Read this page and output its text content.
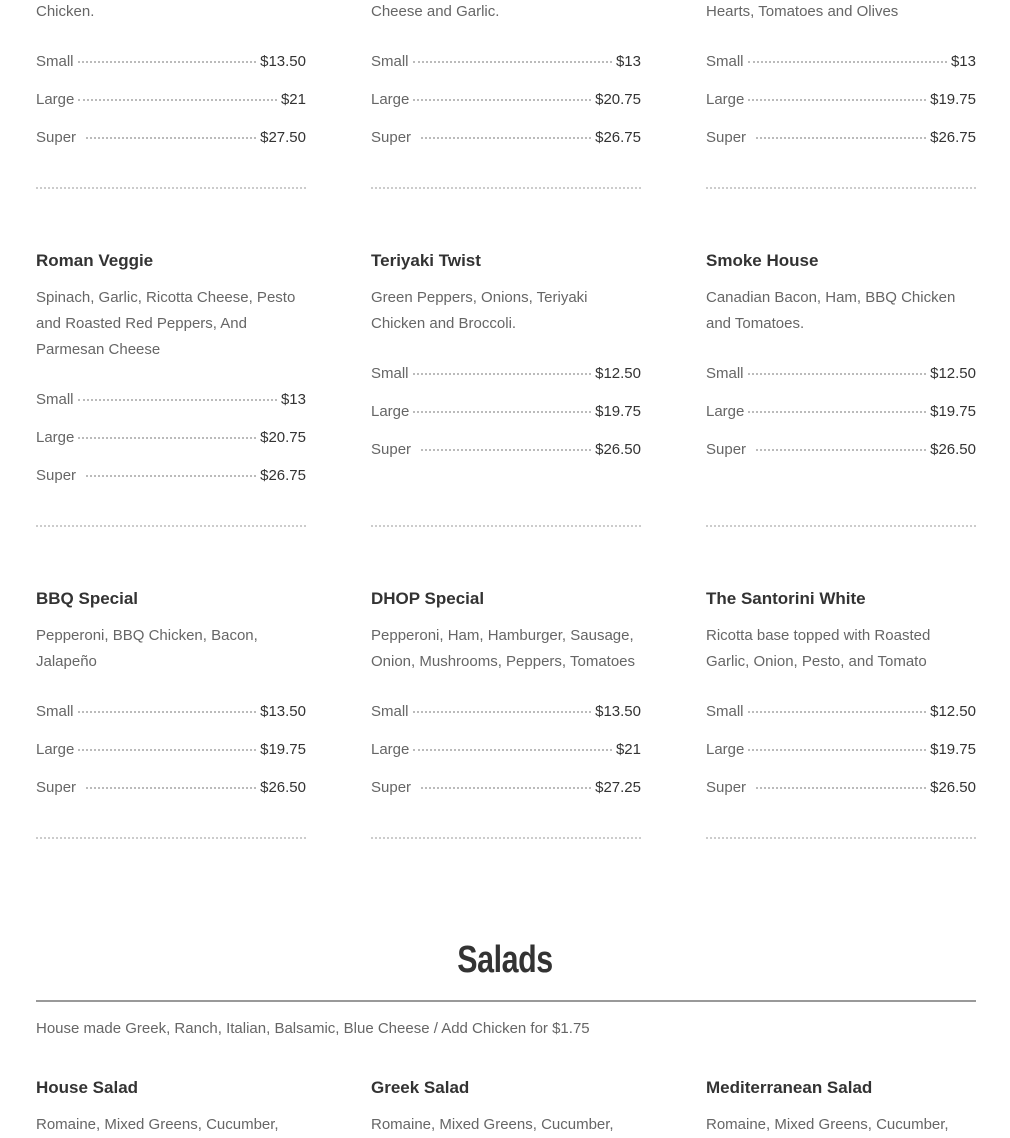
Chicken.
Small	$13.50
Large	$21
Super	$27.50
Cheese and Garlic.
Small	$13
Large	$20.75
Super	$26.75
Hearts, Tomatoes and Olives
Small	$13
Large	$19.75
Super	$26.75
Roman Veggie
Spinach, Garlic, Ricotta Cheese, Pesto and Roasted Red Peppers, And Parmesan Cheese
Small	$13
Large	$20.75
Super	$26.75
Teriyaki Twist
Green Peppers, Onions, Teriyaki Chicken and Broccoli.
Small	$12.50
Large	$19.75
Super	$26.50
Smoke House
Canadian Bacon, Ham, BBQ Chicken and Tomatoes.
Small	$12.50
Large	$19.75
Super	$26.50
BBQ Special
Pepperoni, BBQ Chicken, Bacon, Jalapeño
Small	$13.50
Large	$19.75
Super	$26.50
DHOP Special
Pepperoni, Ham, Hamburger, Sausage, Onion, Mushrooms, Peppers, Tomatoes
Small	$13.50
Large	$21
Super	$27.25
The Santorini White
Ricotta base topped with Roasted Garlic, Onion, Pesto, and Tomato
Small	$12.50
Large	$19.75
Super	$26.50
Salads
House made Greek, Ranch, Italian, Balsamic, Blue Cheese / Add Chicken for $1.75
House Salad
Romaine, Mixed Greens, Cucumber,
Greek Salad
Romaine, Mixed Greens, Cucumber,
Mediterranean Salad
Romaine, Mixed Greens, Cucumber,
